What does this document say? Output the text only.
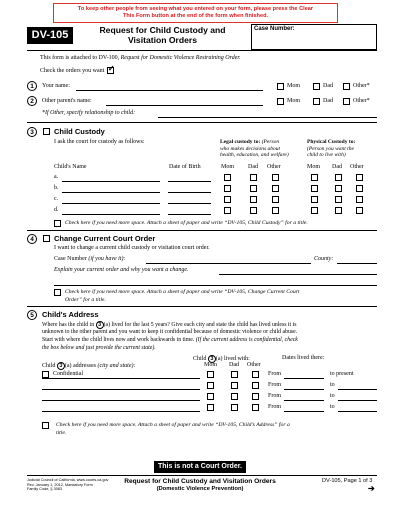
To keep other people from seeing what you entered on your form, please press the Clear
This Form button at the end of the form when finished.
DV-105	Request for Child Custody and
Visitation Orders
Case Number:
This form is attached to DV-100, Request for Domestic Violence Restraining Order.
Check the orders you want ✓
1	Your name:	Mom	Dad	Other*
2	Other parent's name:	Mom	Dad	Other*
*If Other, specify relationship to child:
3	Child Custody
I ask the court for custody as follows:	Legal custody to: (Person
who makes decisions about
health, education, and welfare)
Physical Custody to:
(Person you want the
child to live with)
Child's Name	Date of Birth	Mom Dad Other	Mom Dad Other
a.
b.
c.
d.
Check here if you need more space. Attach a sheet of paper and write “DV-105, Child Custody” for a title.
4	Change Current Court Order
I want to change a current child custody or visitation court order.
Case Number (if you have it):	County:
Explain your current order and why you want a change.
Check here if you need more space. Attach a sheet of paper and write “DV-105, Change Current Court
Order” for a title.
5	Child's Address
Where has the child in 3 (a) lived for the last 5 years? Give each city and state the child has lived unless it is
unknown to the other parent and you want to keep it confidential because of domestic violence or child abuse.
Start with where the child lives now and work backwards in time. (If the current address is confidential, check
the box below and just provide the current state).
Child 3 (a) lived with:	Dates lived there:
Child 3 (a) addresses (city and state):	Mom Dad Other
Confidential	From	to present
From	to
From	to
From	to
Check here if you need more space. Attach a sheet of paper and write “DV-105, Child’s Address” for a
title.
This is not a Court Order.
Judicial Council of California, www.courts.ca.gov
Rev. January 1, 2012, Mandatory Form
Family Code, § 3063
Request for Child Custody and Visitation Orders
(Domestic Violence Prevention)
DV-105, Page 1 of 3
➔
